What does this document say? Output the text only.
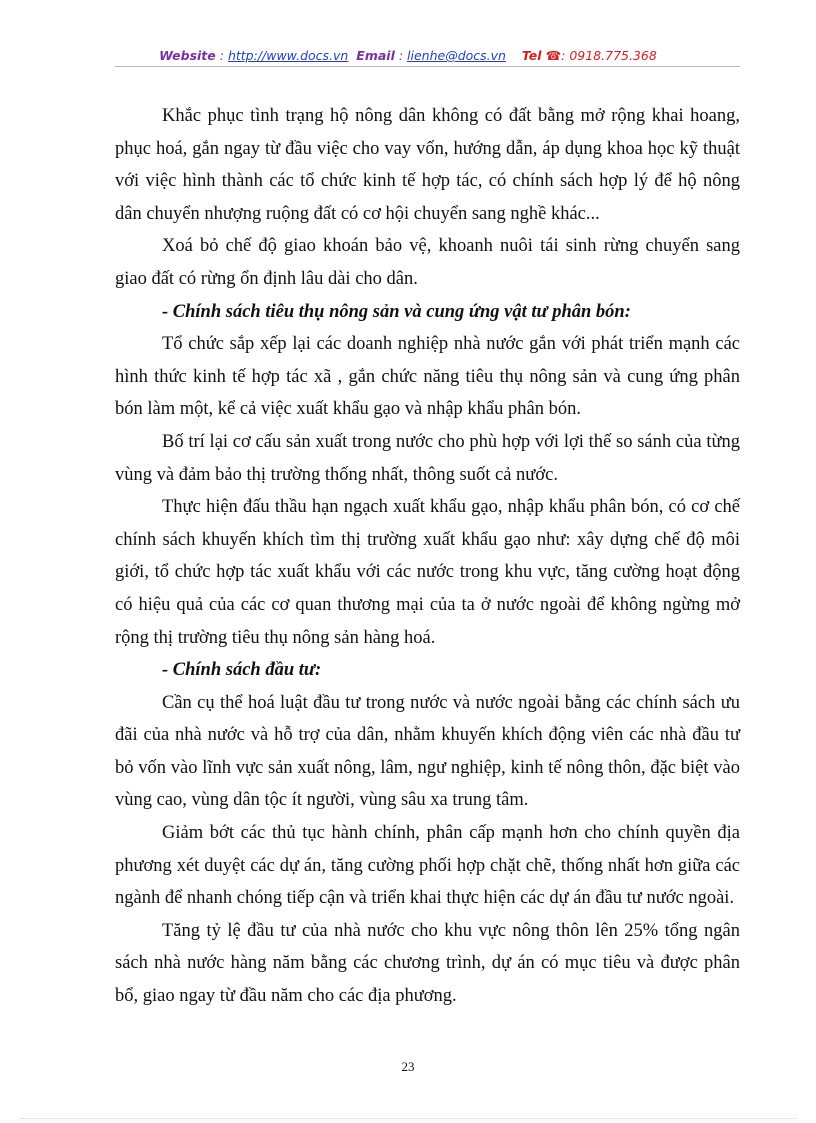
Website : http://www.docs.vn Email : lienhe@docs.vn Tel ☎: 0918.775.368

Khắc phục tình trạng hộ nông dân không có đất bằng mở rộng khai hoang, phục hoá, gắn ngay từ đầu việc cho vay vốn, hướng dẫn, áp dụng khoa học kỹ thuật với việc hình thành các tổ chức kinh tế hợp tác, có chính sách hợp lý để hộ nông dân chuyển nhượng ruộng đất có cơ hội chuyển sang nghề khác...

Xoá bỏ chế độ giao khoán bảo vệ, khoanh nuôi tái sinh rừng chuyển sang giao đất có rừng ổn định lâu dài cho dân.

- Chính sách tiêu thụ nông sản và cung ứng vật tư phân bón:

Tổ chức sắp xếp lại các doanh nghiệp nhà nước gắn với phát triển mạnh các hình thức kinh tế hợp tác xã , gắn chức năng tiêu thụ nông sản và cung ứng phân bón làm một, kể cả việc xuất khẩu gạo và nhập khẩu phân bón.

Bố trí lại cơ cấu sản xuất trong nước cho phù hợp với lợi thế so sánh của từng vùng và đảm bảo thị trường thống nhất, thông suốt cả nước.

Thực hiện đấu thầu hạn ngạch xuất khẩu gạo, nhập khẩu phân bón, có cơ chế chính sách khuyến khích tìm thị trường xuất khẩu gạo như: xây dựng chế độ môi giới, tổ chức hợp tác xuất khẩu với các nước trong khu vực, tăng cường hoạt động có hiệu quả của các cơ quan thương mại của ta ở nước ngoài để không ngừng mở rộng thị trường tiêu thụ nông sản hàng hoá.

- Chính sách đầu tư:

Cần cụ thể hoá luật đầu tư trong nước và nước ngoài bằng các chính sách ưu đãi của nhà nước và hỗ trợ của dân, nhằm khuyến khích động viên các nhà đầu tư bỏ vốn vào lĩnh vực sản xuất nông, lâm, ngư nghiệp, kinh tế nông thôn, đặc biệt vào vùng cao, vùng dân tộc ít người, vùng sâu xa trung tâm.

Giảm bớt các thủ tục hành chính, phân cấp mạnh hơn cho chính quyền địa phương xét duyệt các dự án, tăng cường phối hợp chặt chẽ, thống nhất hơn giữa các ngành để nhanh chóng tiếp cận và triển khai thực hiện các dự án đầu tư nước ngoài.

Tăng tỷ lệ đầu tư của nhà nước cho khu vực nông thôn lên 25% tổng ngân sách nhà nước hàng năm bằng các chương trình, dự án có mục tiêu và được phân bổ, giao ngay từ đầu năm cho các địa phương.

23
